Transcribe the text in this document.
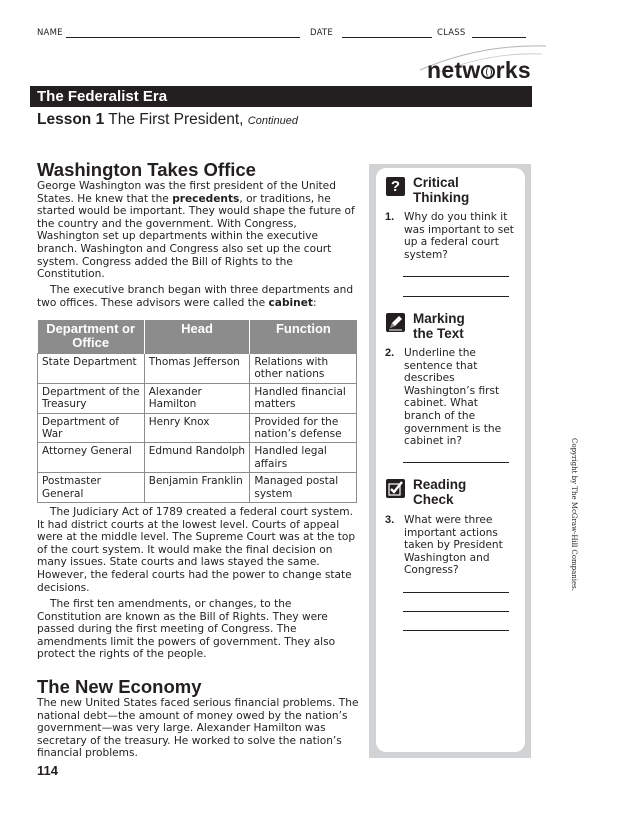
NAME	DATE	CLASS
netw rks
The Federalist Era
Lesson 1 The First President, Continued
Washington Takes Office

George Washington was the first president of the United States. He knew that the precedents, or traditions, he started would be important. They would shape the future of the country and the government. With Congress, Washington set up departments within the executive branch. Washington and Congress also set up the court system. Congress added the Bill of Rights to the Constitution.

The executive branch began with three departments and two offices. These advisors were called the cabinet:

Department or Office	Head	Function
State Department	Thomas Jefferson	Relations with other nations
Department of the Treasury	Alexander Hamilton	Handled financial matters
Department of War	Henry Knox	Provided for the nation’s defense
Attorney General	Edmund Randolph	Handled legal affairs
Postmaster General	Benjamin Franklin	Managed postal system

The Judiciary Act of 1789 created a federal court system. It had district courts at the lowest level. Courts of appeal were at the middle level. The Supreme Court was at the top of the court system. It would make the final decision on many issues. State courts and laws stayed the same. However, the federal courts had the power to change state decisions.

The first ten amendments, or changes, to the Constitution are known as the Bill of Rights. They were passed during the first meeting of Congress. The amendments limit the powers of government. They also protect the rights of the people.

The New Economy

The new United States faced serious financial problems. The national debt—the amount of money owed by the nation’s government—was very large. Alexander Hamilton was secretary of the treasury. He worked to solve the nation’s financial problems.

114
? Critical
Thinking
1. Why do you think it was important to set up a federal court system?
Marking
the Text
2. Underline the sentence that describes Washington’s first cabinet. What branch of the government is the cabinet in?
Reading
Check
3. What were three important actions taken by President Washington and Congress?	Copyright by The McGraw-Hill Companies.
